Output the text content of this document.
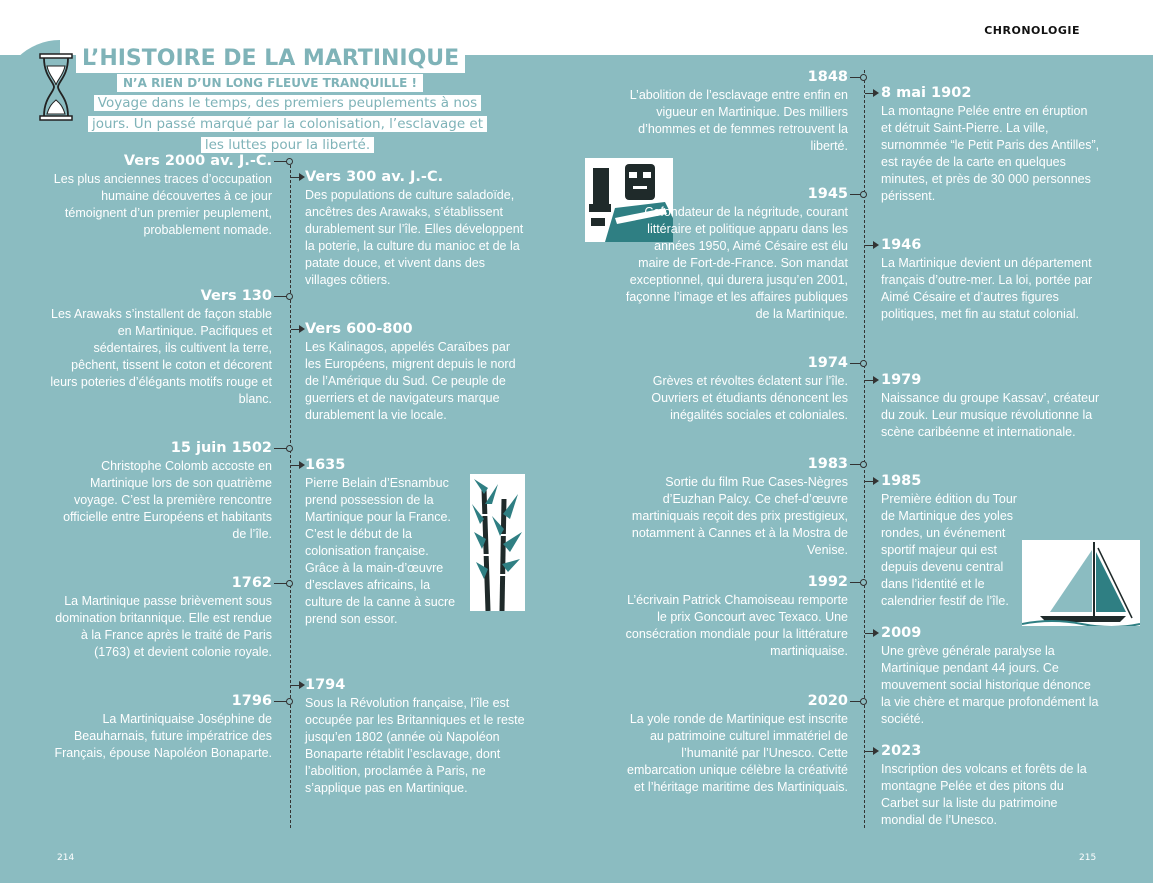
CHRONOLOGIE
L’HISTOIRE DE LA MARTINIQUE
N’A RIEN D’UN LONG FLEUVE TRANQUILLE !
Voyage dans le temps, des premiers peuplements à nos jours. Un passé marqué par la colonisation, l’esclavage et les luttes pour la liberté.
Vers 2000 av. J.-C.
Les plus anciennes traces d’occupation humaine découvertes à ce jour témoignent d’un premier peuplement, probablement nomade.
Vers 130
Les Arawaks s’installent de façon stable en Martinique. Pacifiques et sédentaires, ils cultivent la terre, pêchent, tissent le coton et décorent leurs poteries d’élégants motifs rouge et blanc.
15 juin 1502
Christophe Colomb accoste en Martinique lors de son quatrième voyage. C’est la première rencontre officielle entre Européens et habitants de l’île.
1762
La Martinique passe brièvement sous domination britannique. Elle est rendue à la France après le traité de Paris (1763) et devient colonie royale.
1796
La Martiniquaise Joséphine de Beauharnais, future impératrice des Français, épouse Napoléon Bonaparte.
Vers 300 av. J.-C.
Des populations de culture saladoïde, ancêtres des Arawaks, s’établissent durablement sur l’île. Elles développent la poterie, la culture du manioc et de la patate douce, et vivent dans des villages côtiers.
Vers 600-800
Les Kalinagos, appelés Caraïbes par les Européens, migrent depuis le nord de l’Amérique du Sud. Ce peuple de guerriers et de navigateurs marque durablement la vie locale.
1635
Pierre Belain d’Esnambuc prend possession de la Martinique pour la France. C’est le début de la colonisation française. Grâce à la main-d’œuvre d’esclaves africains, la culture de la canne à sucre prend son essor.
1794
Sous la Révolution française, l’île est occupée par les Britanniques et le reste jusqu’en 1802 (année où Napoléon Bonaparte rétablit l’esclavage, dont l’abolition, proclamée à Paris, ne s’applique pas en Martinique.
1848
L’abolition de l’esclavage entre enfin en vigueur en Martinique. Des milliers d’hommes et de femmes retrouvent la liberté.
1945
Cofondateur de la négritude, courant littéraire et politique apparu dans les années 1950, Aimé Césaire est élu maire de Fort-de-France. Son mandat exceptionnel, qui durera jusqu’en 2001, façonne l’image et les affaires publiques de la Martinique.
1974
Grèves et révoltes éclatent sur l’île. Ouvriers et étudiants dénoncent les inégalités sociales et coloniales.
1983
Sortie du film Rue Cases-Nègres d’Euzhan Palcy. Ce chef-d’œuvre martiniquais reçoit des prix prestigieux, notamment à Cannes et à la Mostra de Venise.
1992
L’écrivain Patrick Chamoiseau remporte le prix Goncourt avec Texaco. Une consécration mondiale pour la littérature martiniquaise.
2020
La yole ronde de Martinique est inscrite au patrimoine culturel immatériel de l’humanité par l’Unesco. Cette embarcation unique célèbre la créativité et l’héritage maritime des Martiniquais.
8 mai 1902
La montagne Pelée entre en éruption et détruit Saint-Pierre. La ville, surnommée “le Petit Paris des Antilles”, est rayée de la carte en quelques minutes, et près de 30 000 personnes périssent.
1946
La Martinique devient un département français d’outre-mer. La loi, portée par Aimé Césaire et d’autres figures politiques, met fin au statut colonial.
1979
Naissance du groupe Kassav’, créateur du zouk. Leur musique révolutionne la scène caribéenne et internationale.
1985
Première édition du Tour de Martinique des yoles rondes, un événement sportif majeur qui est depuis devenu central dans l’identité et le calendrier festif de l’île.
2009
Une grève générale paralyse la Martinique pendant 44 jours. Ce mouvement social historique dénonce la vie chère et marque profondément la société.
2023
Inscription des volcans et forêts de la montagne Pelée et des pitons du Carbet sur la liste du patrimoine mondial de l’Unesco.
214	215
